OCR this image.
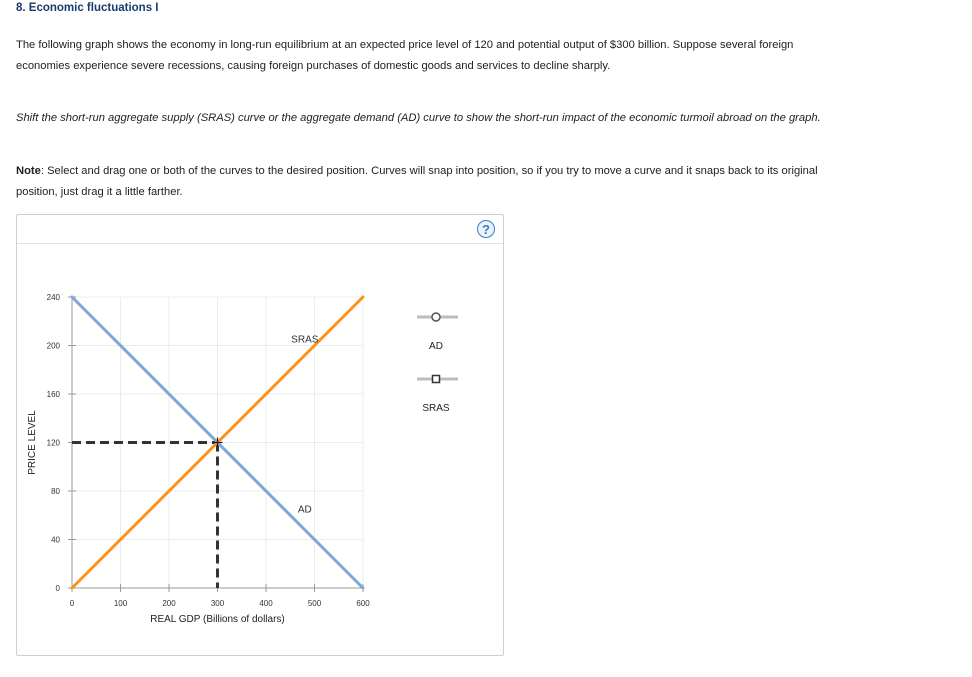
8. Economic fluctuations I
The following graph shows the economy in long-run equilibrium at an expected price level of 120 and potential output of $300 billion. Suppose several foreign economies experience severe recessions, causing foreign purchases of domestic goods and services to decline sharply.
Shift the short-run aggregate supply (SRAS) curve or the aggregate demand (AD) curve to show the short-run impact of the economic turmoil abroad on the graph.
Note: Select and drag one or both of the curves to the desired position. Curves will snap into position, so if you try to move a curve and it snaps back to its original position, just drag it a little farther.
?
0
40
80
120
160
200
240
0	100	200	300	400	500	600
REAL GDP (Billions of dollars)
PRICE LEVEL
AD
SRAS
AD
SRAS
